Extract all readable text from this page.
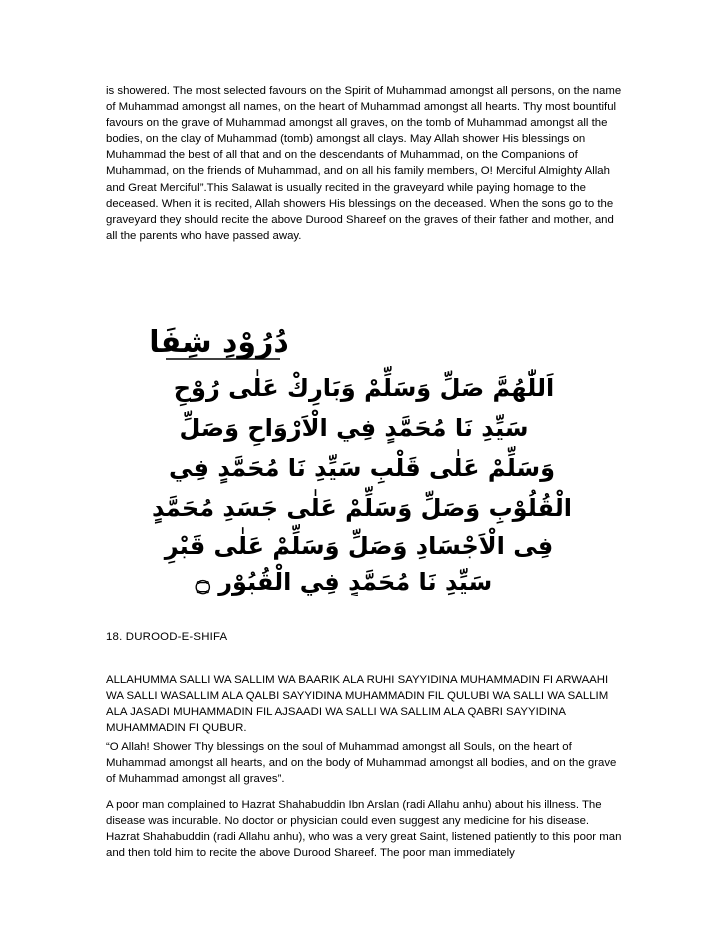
is showered. The most selected favours on the Spirit of Muhammad amongst all persons, on the name of Muhammad amongst all names, on the heart of Muhammad amongst all hearts. Thy most bountiful favours on the grave of Muhammad amongst all graves, on the tomb of Muhammad amongst all the bodies, on the clay of Muhammad (tomb) amongst all clays. May Allah shower His blessings on Muhammad the best of all that and on the descendants of Muhammad, on the Companions of Muhammad, on the friends of Muhammad, and on all his family members, O! Merciful Almighty Allah and Great Merciful”.This Salawat is usually recited in the graveyard while paying homage to the deceased. When it is recited, Allah showers His blessings on the deceased. When the sons go to the graveyard they should recite the above Durood Shareef on the graves of their father and mother, and all the parents who have passed away.

دُرُوْدِ شِفَا
اَللّٰهُمَّ صَلِّ وَسَلِّمْ وَبَارِكْ عَلٰى رُوْحِ
سَيِّدِ نَا مُحَمَّدٍ فِي الْاَرْوَاحِ وَصَلِّ
وَسَلِّمْ عَلٰى قَلْبِ سَيِّدِ نَا مُحَمَّدٍ فِي
الْقُلُوْبِ وَصَلِّ وَسَلِّمْ عَلٰى جَسَدِ مُحَمَّدٍ
فِى الْاَجْسَادِ وَصَلِّ وَسَلِّمْ عَلٰى قَبْرِ
سَيِّدِ نَا مُحَمَّدٍ فِي الْقُبُوْرِ ۝

18. DUROOD-E-SHIFA

ALLAHUMMA SALLI WA SALLIM WA BAARIK ALA RUHI SAYYIDINA MUHAMMADIN FI ARWAAHI WA SALLI WASALLIM ALA QALBI SAYYIDINA MUHAMMADIN FIL QULUBI WA SALLI WA SALLIM ALA JASADI MUHAMMADIN FIL AJSAADI WA SALLI WA SALLIM ALA QABRI SAYYIDINA MUHAMMADIN FI QUBUR.

“O Allah! Shower Thy blessings on the soul of Muhammad amongst all Souls, on the heart of Muhammad amongst all hearts, and on the body of Muhammad amongst all bodies, and on the grave of Muhammad amongst all graves”.

A poor man complained to Hazrat Shahabuddin Ibn Arslan (radi Allahu anhu) about his illness. The disease was incurable. No doctor or physician could even suggest any medicine for his disease. Hazrat Shahabuddin (radi Allahu anhu), who was a very great Saint, listened patiently to this poor man and then told him to recite the above Durood Shareef. The poor man immediately
